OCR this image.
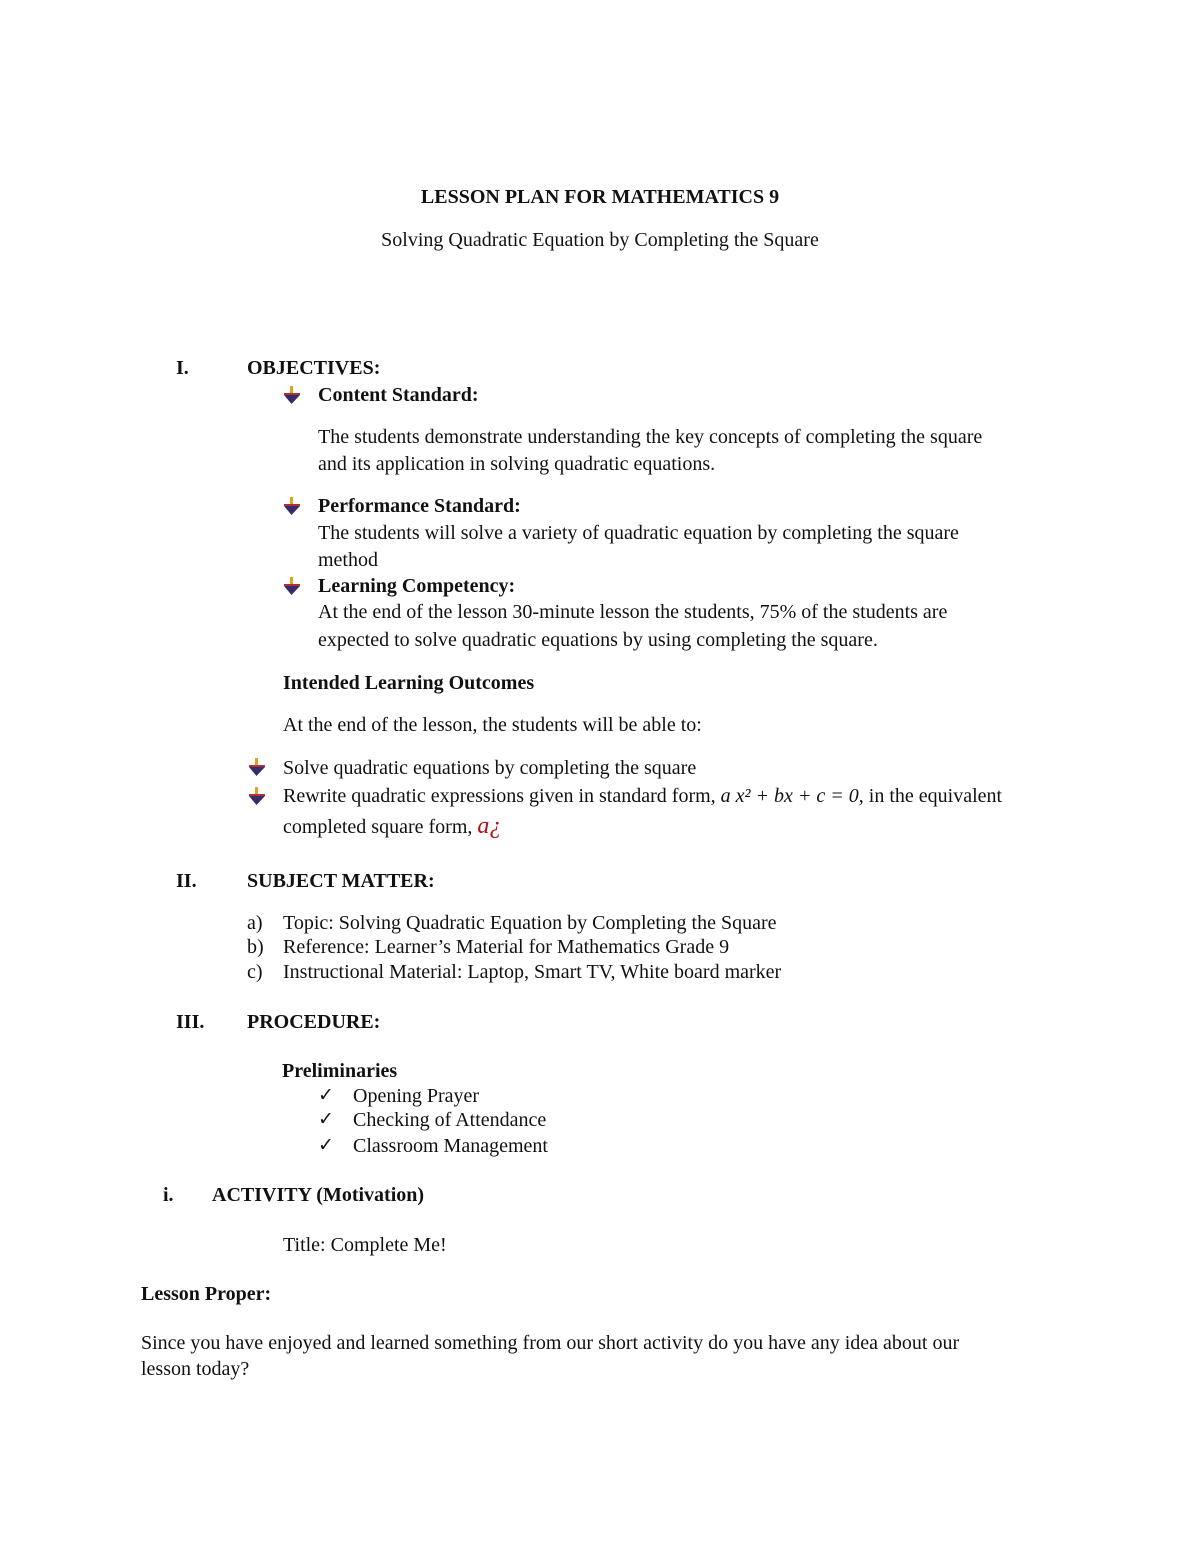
LESSON PLAN FOR MATHEMATICS 9
Solving Quadratic Equation by Completing the Square
I.	OBJECTIVES:
Content Standard:
The students demonstrate understanding the key concepts of completing the square
and its application in solving quadratic equations.
Performance Standard:
The students will solve a variety of quadratic equation by completing the square
method
Learning Competency:
At the end of the lesson 30-minute lesson the students, 75% of the students are
expected to solve quadratic equations by using completing the square.
Intended Learning Outcomes
At the end of the lesson, the students will be able to:
Solve quadratic equations by completing the square
Rewrite quadratic expressions given in standard form, a x² + bx + c = 0, in the equivalent
completed square form, a¿
II.	SUBJECT MATTER:
a) Topic: Solving Quadratic Equation by Completing the Square
b) Reference: Learner’s Material for Mathematics Grade 9
c) Instructional Material: Laptop, Smart TV, White board marker
III. PROCEDURE:
Preliminaries
✓ Opening Prayer
✓ Checking of Attendance
✓ Classroom Management
i. ACTIVITY (Motivation)
Title: Complete Me!
Lesson Proper:
Since you have enjoyed and learned something from our short activity do you have any idea about our
lesson today?
